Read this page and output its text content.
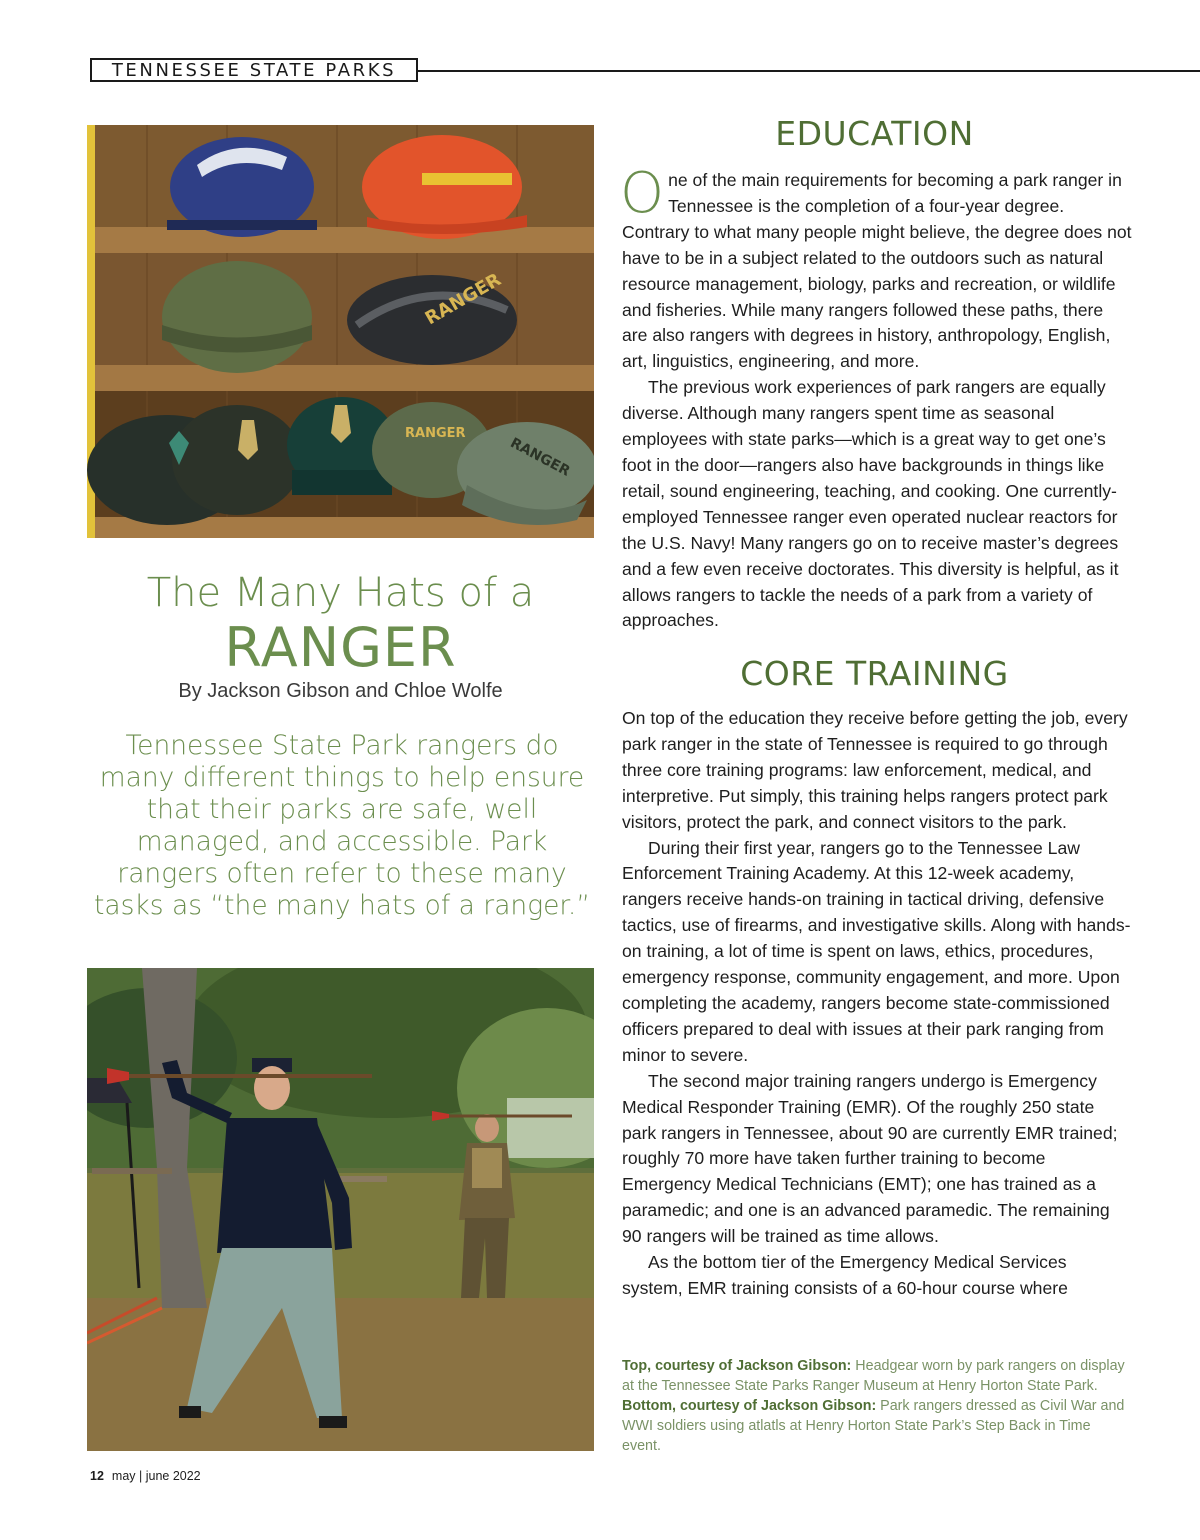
TENNESSEE STATE PARKS
RANGER
RANGER
RANGER
The Many Hats of a
RANGER
By Jackson Gibson and Chloe Wolfe
Tennessee State Park rangers do many different things to help ensure that their parks are safe, well managed, and accessible. Park rangers often refer to these many tasks as “the many hats of a ranger.”
EDUCATION

One of the main requirements for becoming a park ranger in Tennessee is the completion of a four-year degree. Contrary to what many people might believe, the degree does not have to be in a subject related to the outdoors such as natural resource management, biology, parks and recreation, or wildlife and fisheries. While many rangers followed these paths, there are also rangers with degrees in history, anthropology, English, art, linguistics, engineering, and more.

The previous work experiences of park rangers are equally diverse. Although many rangers spent time as seasonal employees with state parks—which is a great way to get one’s foot in the door—rangers also have backgrounds in things like retail, sound engineering, teaching, and cooking. One currently-employed Tennessee ranger even operated nuclear reactors for the U.S. Navy! Many rangers go on to receive master’s degrees and a few even receive doctorates. This diversity is helpful, as it allows rangers to tackle the needs of a park from a variety of approaches.

CORE TRAINING

On top of the education they receive before getting the job, every park ranger in the state of Tennessee is required to go through three core training programs: law enforcement, medical, and interpretive. Put simply, this training helps rangers protect park visitors, protect the park, and connect visitors to the park.

During their first year, rangers go to the Tennessee Law Enforcement Training Academy. At this 12-week academy, rangers receive hands-on training in tactical driving, defensive tactics, use of firearms, and investigative skills. Along with hands-on training, a lot of time is spent on laws, ethics, procedures, emergency response, community engagement, and more. Upon completing the academy, rangers become state-commissioned officers prepared to deal with issues at their park ranging from minor to severe.

The second major training rangers undergo is Emergency Medical Responder Training (EMR). Of the roughly 250 state park rangers in Tennessee, about 90 are currently EMR trained; roughly 70 more have taken further training to become Emergency Medical Technicians (EMT); one has trained as a paramedic; and one is an advanced paramedic. The remaining 90 rangers will be trained as time allows.

As the bottom tier of the Emergency Medical Services system, EMR training consists of a 60-hour course where

Top, courtesy of Jackson Gibson: Headgear worn by park rangers on display at the Tennessee State Parks Ranger Museum at Henry Horton State Park. Bottom, courtesy of Jackson Gibson: Park rangers dressed as Civil War and WWI soldiers using atlatls at Henry Horton State Park’s Step Back in Time event.
12 may | june 2022
